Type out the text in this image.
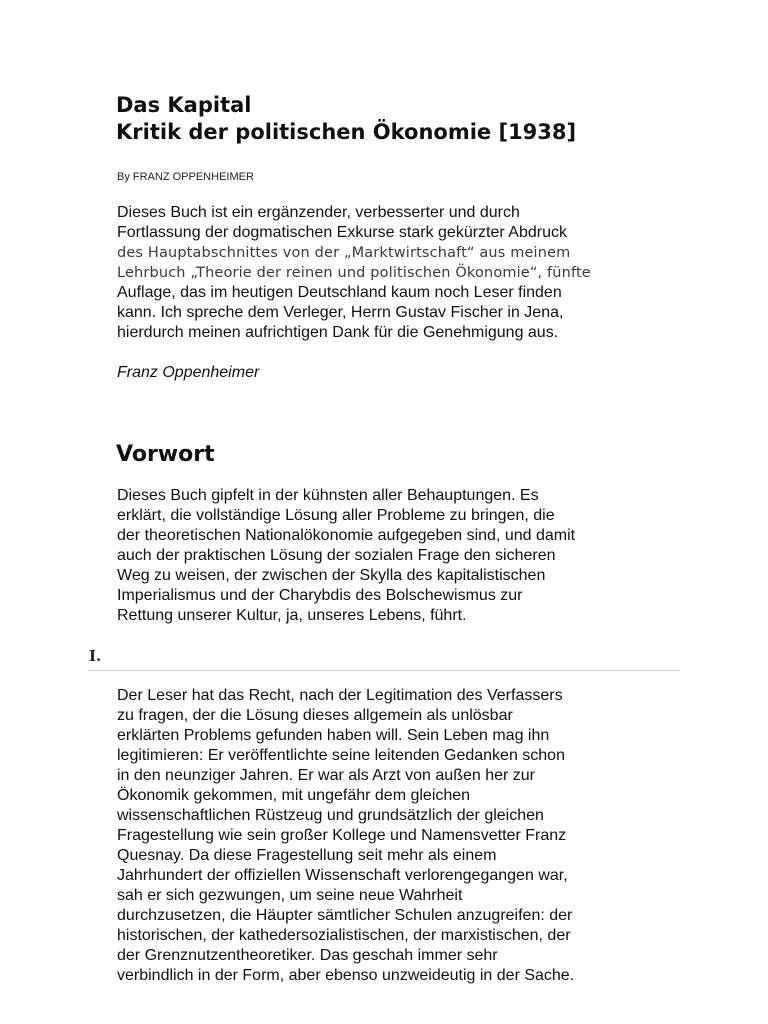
Das Kapital
Kritik der politischen Ökonomie [1938]
By FRANZ OPPENHEIMER
Dieses Buch ist ein ergänzender, verbesserter und durch
Fortlassung der dogmatischen Exkurse stark gekürzter Abdruck
des Hauptabschnittes von der „Marktwirtschaft“ aus meinem
Lehrbuch „Theorie der reinen und politischen Ökonomie“, fünfte
Auflage, das im heutigen Deutschland kaum noch Leser finden
kann. Ich spreche dem Verleger, Herrn Gustav Fischer in Jena,
hierdurch meinen aufrichtigen Dank für die Genehmigung aus.
Franz Oppenheimer
Vorwort
Dieses Buch gipfelt in der kühnsten aller Behauptungen. Es
erklärt, die vollständige Lösung aller Probleme zu bringen, die
der theoretischen Nationalökonomie aufgegeben sind, und damit
auch der praktischen Lösung der sozialen Frage den sicheren
Weg zu weisen, der zwischen der Skylla des kapitalistischen
Imperialismus und der Charybdis des Bolschewismus zur
Rettung unserer Kultur, ja, unseres Lebens, führt.
I.
Der Leser hat das Recht, nach der Legitimation des Verfassers
zu fragen, der die Lösung dieses allgemein als unlösbar
erklärten Problems gefunden haben will. Sein Leben mag ihn
legitimieren: Er veröffentlichte seine leitenden Gedanken schon
in den neunziger Jahren. Er war als Arzt von außen her zur
Ökonomik gekommen, mit ungefähr dem gleichen
wissenschaftlichen Rüstzeug und grundsätzlich der gleichen
Fragestellung wie sein großer Kollege und Namensvetter Franz
Quesnay. Da diese Fragestellung seit mehr als einem
Jahrhundert der offiziellen Wissenschaft verlorengegangen war,
sah er sich gezwungen, um seine neue Wahrheit
durchzusetzen, die Häupter sämtlicher Schulen anzugreifen: der
historischen, der kathedersozialistischen, der marxistischen, der
der Grenznutzentheoretiker. Das geschah immer sehr
verbindlich in der Form, aber ebenso unzweideutig in der Sache.
